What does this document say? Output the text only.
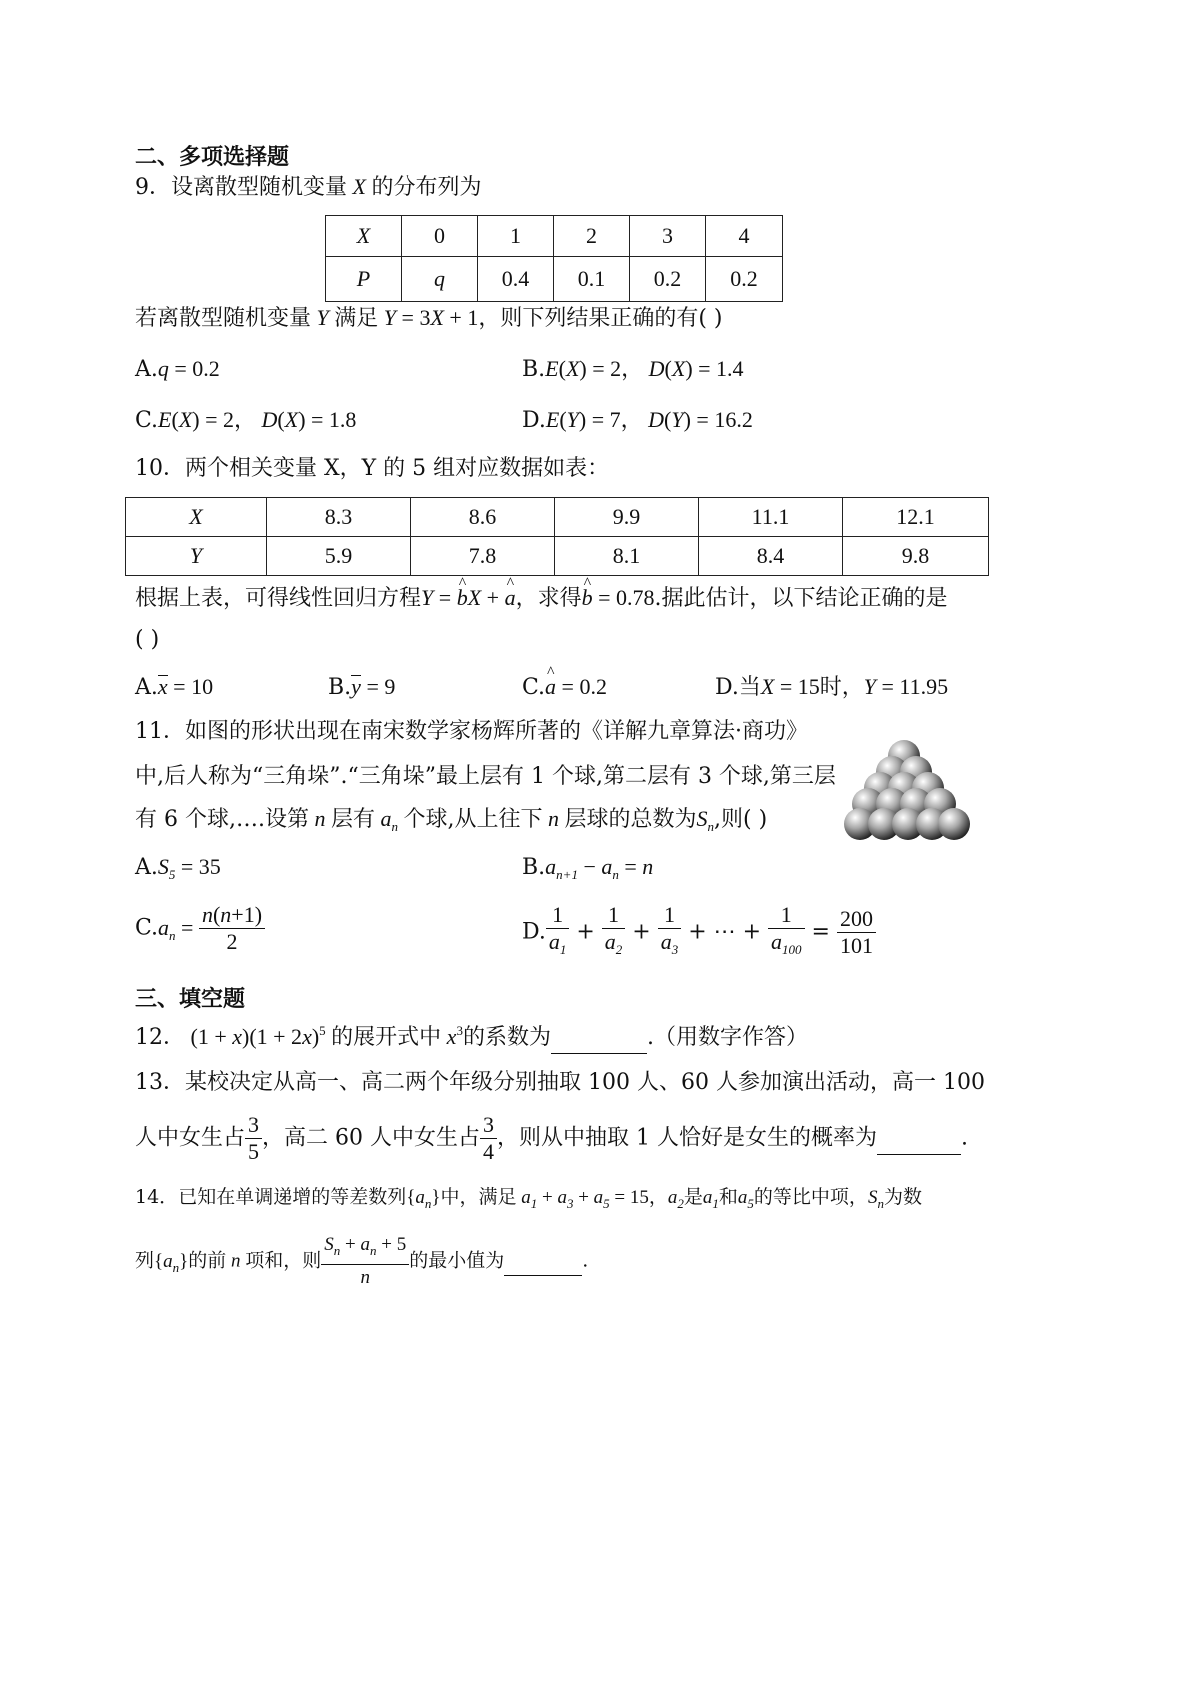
二、多项选择题
9．设离散型随机变量 X 的分布列为
X	0	1	2	3	4
P	q	0.4	0.1	0.2	0.2
若离散型随机变量 Y 满足 Y = 3X + 1，则下列结果正确的有( )
A.q = 0.2	B.E(X) = 2， D(X) = 1.4
C.E(X) = 2， D(X) = 1.8	D.E(Y) = 7， D(Y) = 16.2
10．两个相关变量 X，Y 的 5 组对应数据如表：
X	8.3	8.6	9.9	11.1	12.1
Y	5.9	7.8	8.1	8.4	9.8
根据上表，可得线性回归方程Y = ^ bX + ^ a，求得^ b = 0.78.据此估计，以下结论正确的是
( )
A.x = 10	B.y = 9	C.^ a = 0.2	D.当X = 15时，Y = 11.95
11．如图的形状出现在南宋数学家杨辉所著的《详解九章算法·商功》
中,后人称为“三角垛”.“三角垛”最上层有 1 个球,第二层有 3 个球,第三层
有 6 个球,….设第 n 层有 $a_n$ 个球,从上往下 n 层球的总数为$S_n$,则( )
$A.S_5 = 35$	$B.a_{n+1} - a_n = n$
$C.a_n = \frac{n(n+1)}{2}$	D. $\frac{1}{a_1} + \frac{1}{a_2} + \frac{1}{a_3}$ + ⋯ + $\frac{1}{a_{100}} = \frac{200}{101}$
三、填空题
12． $(1 + x)(1 + 2x)^5$ 的展开式中 $x^3$的系数为	.（用数字作答）
13．某校决定从高一、高二两个年级分别抽取 100 人、60 人参加演出活动，高一 100
人中女生占 $\frac{3}{5}$ ，高二 60 人中女生占 $\frac{3}{4}$ ，则从中抽取 1 人恰好是女生的概率为	.
14．已知在单调递增的等差数列$\{a_n\}$中，满足 $a_1 + a_3 + a_5 = 15$，$a_2$是$a_1$和$a_5$的等比中项，$S_n$为数
列$\{a_n\}$的前 n 项和，则 $\frac{S_n + a_n + 5}{n}$ 的最小值为	.
